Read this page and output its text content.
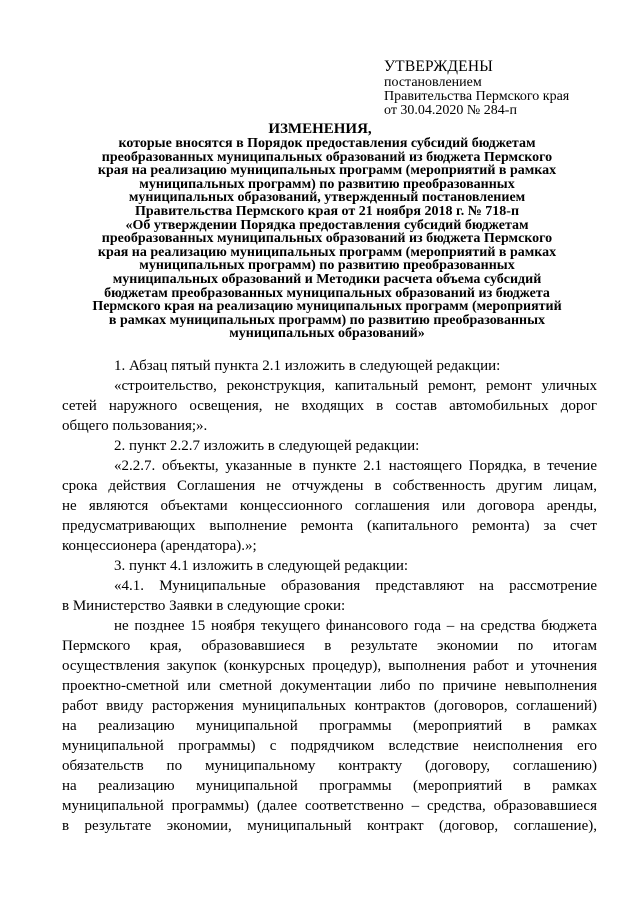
УТВЕРЖДЕНЫ
постановлением
Правительства Пермского края
от 30.04.2020 № 284-п
ИЗМЕНЕНИЯ,
которые вносятся в Порядок предоставления субсидий бюджетам
преобразованных муниципальных образований из бюджета Пермского
края на реализацию муниципальных программ (мероприятий в рамках
муниципальных программ) по развитию преобразованных
муниципальных образований, утвержденный постановлением
Правительства Пермского края от 21 ноября 2018 г. № 718-п
«Об утверждении Порядка предоставления субсидий бюджетам
преобразованных муниципальных образований из бюджета Пермского
края на реализацию муниципальных программ (мероприятий в рамках
муниципальных программ) по развитию преобразованных
муниципальных образований и Методики расчета объема субсидий
бюджетам преобразованных муниципальных образований из бюджета
Пермского края на реализацию муниципальных программ (мероприятий
в рамках муниципальных программ) по развитию преобразованных
муниципальных образований»
1. Абзац пятый пункта 2.1 изложить в следующей редакции:
«строительство, реконструкция, капитальный ремонт, ремонт уличных
сетей наружного освещения, не входящих в состав автомобильных дорог
общего пользования;».
2. пункт 2.2.7 изложить в следующей редакции:
«2.2.7. объекты, указанные в пункте 2.1 настоящего Порядка, в течение
срока действия Соглашения не отчуждены в собственность другим лицам,
не являются объектами концессионного соглашения или договора аренды,
предусматривающих выполнение ремонта (капитального ремонта) за счет
концессионера (арендатора).»;
3. пункт 4.1 изложить в следующей редакции:
«4.1. Муниципальные образования представляют на рассмотрение
в Министерство Заявки в следующие сроки:
не позднее 15 ноября текущего финансового года – на средства бюджета
Пермского края, образовавшиеся в результате экономии по итогам
осуществления закупок (конкурсных процедур), выполнения работ и уточнения
проектно-сметной или сметной документации либо по причине невыполнения
работ ввиду расторжения муниципальных контрактов (договоров, соглашений)
на реализацию муниципальной программы (мероприятий в рамках
муниципальной программы) с подрядчиком вследствие неисполнения его
обязательств по муниципальному контракту (договору, соглашению)
на реализацию муниципальной программы (мероприятий в рамках
муниципальной программы) (далее соответственно – средства, образовавшиеся
в результате экономии, муниципальный контракт (договор, соглашение),
